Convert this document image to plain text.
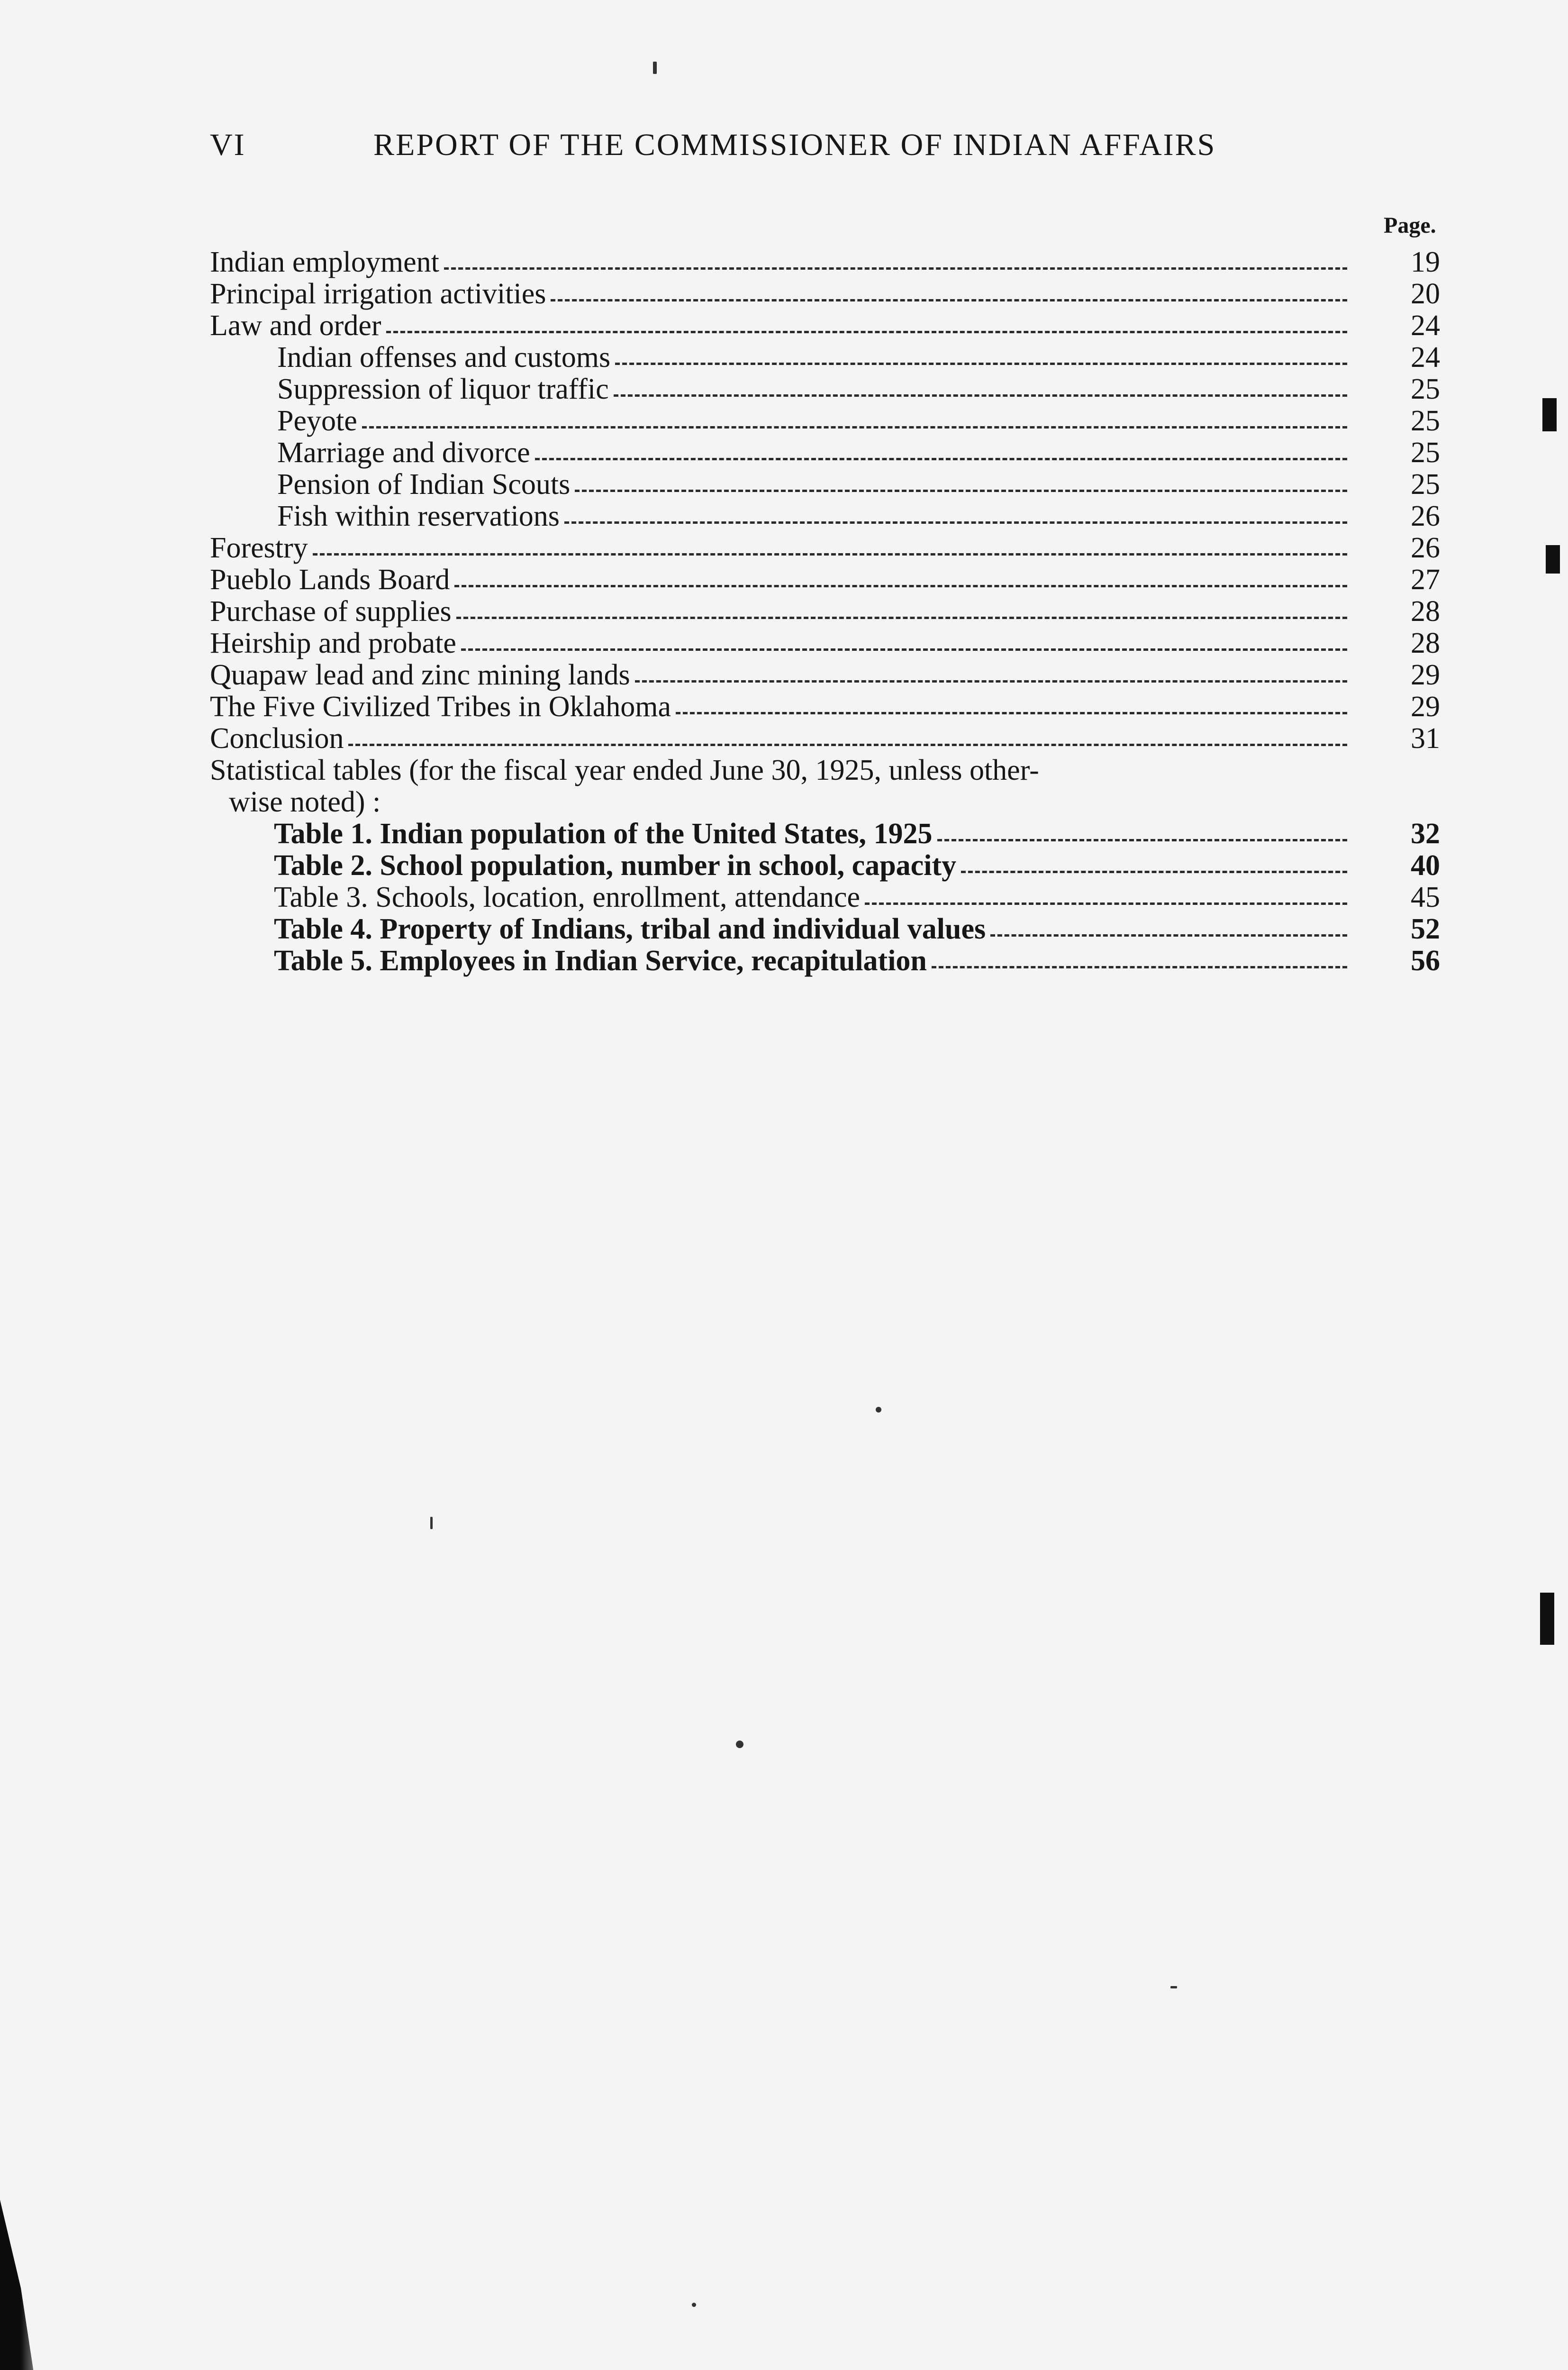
VI	REPORT OF THE COMMISSIONER OF INDIAN AFFAIRS
Page.
Indian employment	19
Principal irrigation activities	20
Law and order	24
Indian offenses and customs	24
Suppression of liquor traffic	25
Peyote	25
Marriage and divorce	25
Pension of Indian Scouts	25
Fish within reservations	26
Forestry	26
Pueblo Lands Board	27
Purchase of supplies	28
Heirship and probate	28
Quapaw lead and zinc mining lands	29
The Five Civilized Tribes in Oklahoma	29
Conclusion	31
Statistical tables (for the fiscal year ended June 30, 1925, unless other-
wise noted) :
Table 1. Indian population of the United States, 1925	32
Table 2. School population, number in school, capacity	40
Table 3. Schools, location, enrollment, attendance	45
Table 4. Property of Indians, tribal and individual values	52
Table 5. Employees in Indian Service, recapitulation	56
